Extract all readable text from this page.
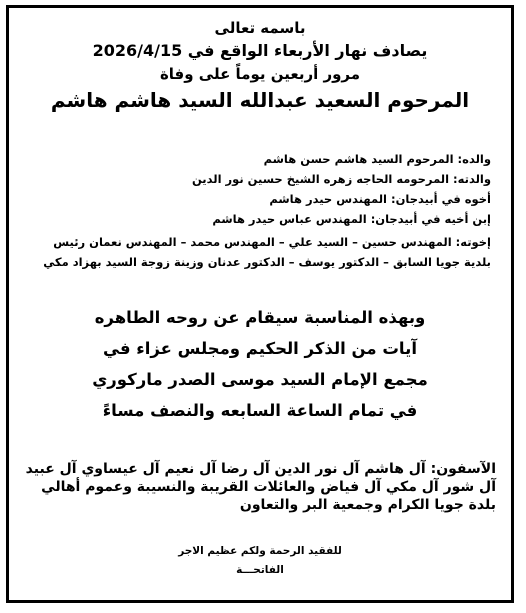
باسمه تعالى

يصادف نهار الأربعاء الواقع في 2026/4/15

مرور أربعين يوماً على وفاة

المرحوم السعيد عبدالله السيد هاشم هاشم

والده: المرحوم السيد هاشم حسن هاشم

والدته: المرحومه الحاجه زهره الشيخ حسين نور الدين

أخوه في أبيدجان: المهندس حيدر هاشم

إبن أخيه في أبيدجان: المهندس عباس حيدر هاشم

إخوته: المهندس حسين – السيد علي – المهندس محمد – المهندس نعمان رئيس بلدية جويا السابق – الدكتور يوسف – الدكتور عدنان وزينة زوجة السيد بهزاد مكي

وبهذه المناسبة سيقام عن روحه الطاهره

آيات من الذكر الحكيم ومجلس عزاء في

مجمع الإمام السيد موسى الصدر ماركوري

في تمام الساعة السابعه والنصف مساءً

الآسفون: آل هاشم آل نور الدين آل رضا آل نعيم آل عيساوي آل عبيد آل شور آل مكي آل فياض والعائلات القريبة والنسيبة وعموم أهالي بلدة جويا الكرام وجمعية البر والتعاون

للفقيد الرحمة ولكم عظيم الاجر

الفاتحـــة
